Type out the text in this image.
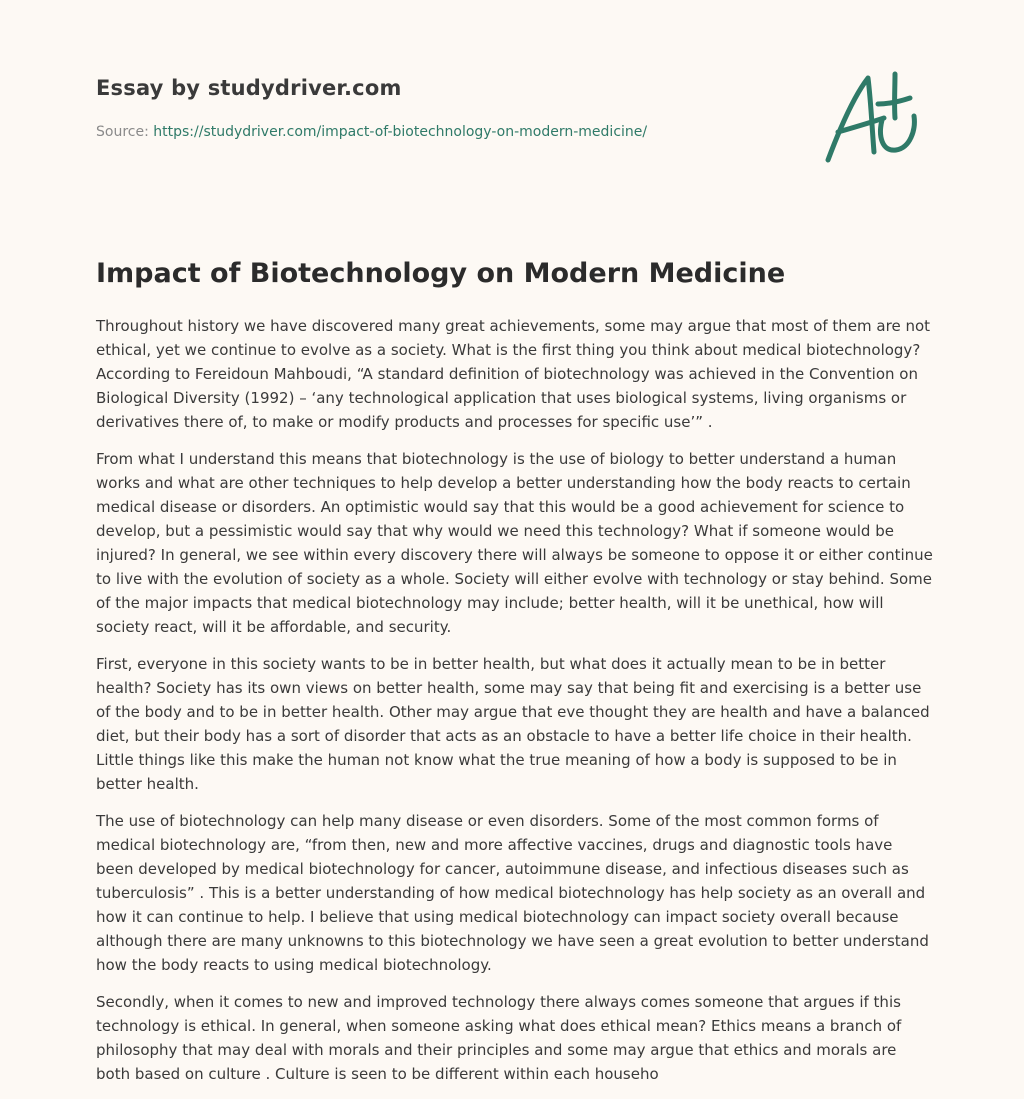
Essay by studydriver.com
Source: https://studydriver.com/impact-of-biotechnology-on-modern-medicine/
Impact of Biotechnology on Modern Medicine

Throughout history we have discovered many great achievements, some may argue that most of them are not ethical, yet we continue to evolve as a society. What is the first thing you think about medical biotechnology? According to Fereidoun Mahboudi, “A standard definition of biotechnology was achieved in the Convention on Biological Diversity (1992) – ‘any technological application that uses biological systems, living organisms or derivatives there of, to make or modify products and processes for specific use’” .

From what I understand this means that biotechnology is the use of biology to better understand a human works and what are other techniques to help develop a better understanding how the body reacts to certain medical disease or disorders. An optimistic would say that this would be a good achievement for science to develop, but a pessimistic would say that why would we need this technology? What if someone would be injured? In general, we see within every discovery there will always be someone to oppose it or either continue to live with the evolution of society as a whole. Society will either evolve with technology or stay behind. Some of the major impacts that medical biotechnology may include; better health, will it be unethical, how will society react, will it be affordable, and security.

First, everyone in this society wants to be in better health, but what does it actually mean to be in better health? Society has its own views on better health, some may say that being fit and exercising is a better use of the body and to be in better health. Other may argue that eve thought they are health and have a balanced diet, but their body has a sort of disorder that acts as an obstacle to have a better life choice in their health. Little things like this make the human not know what the true meaning of how a body is supposed to be in better health.

The use of biotechnology can help many disease or even disorders. Some of the most common forms of medical biotechnology are, “from then, new and more affective vaccines, drugs and diagnostic tools have been developed by medical biotechnology for cancer, autoimmune disease, and infectious diseases such as tuberculosis” . This is a better understanding of how medical biotechnology has help society as an overall and how it can continue to help. I believe that using medical biotechnology can impact society overall because although there are many unknowns to this biotechnology we have seen a great evolution to better understand how the body reacts to using medical biotechnology.

Secondly, when it comes to new and improved technology there always comes someone that argues if this technology is ethical. In general, when someone asking what does ethical mean? Ethics means a branch of philosophy that may deal with morals and their principles and some may argue that ethics and morals are both based on culture . Culture is seen to be different within each househo
